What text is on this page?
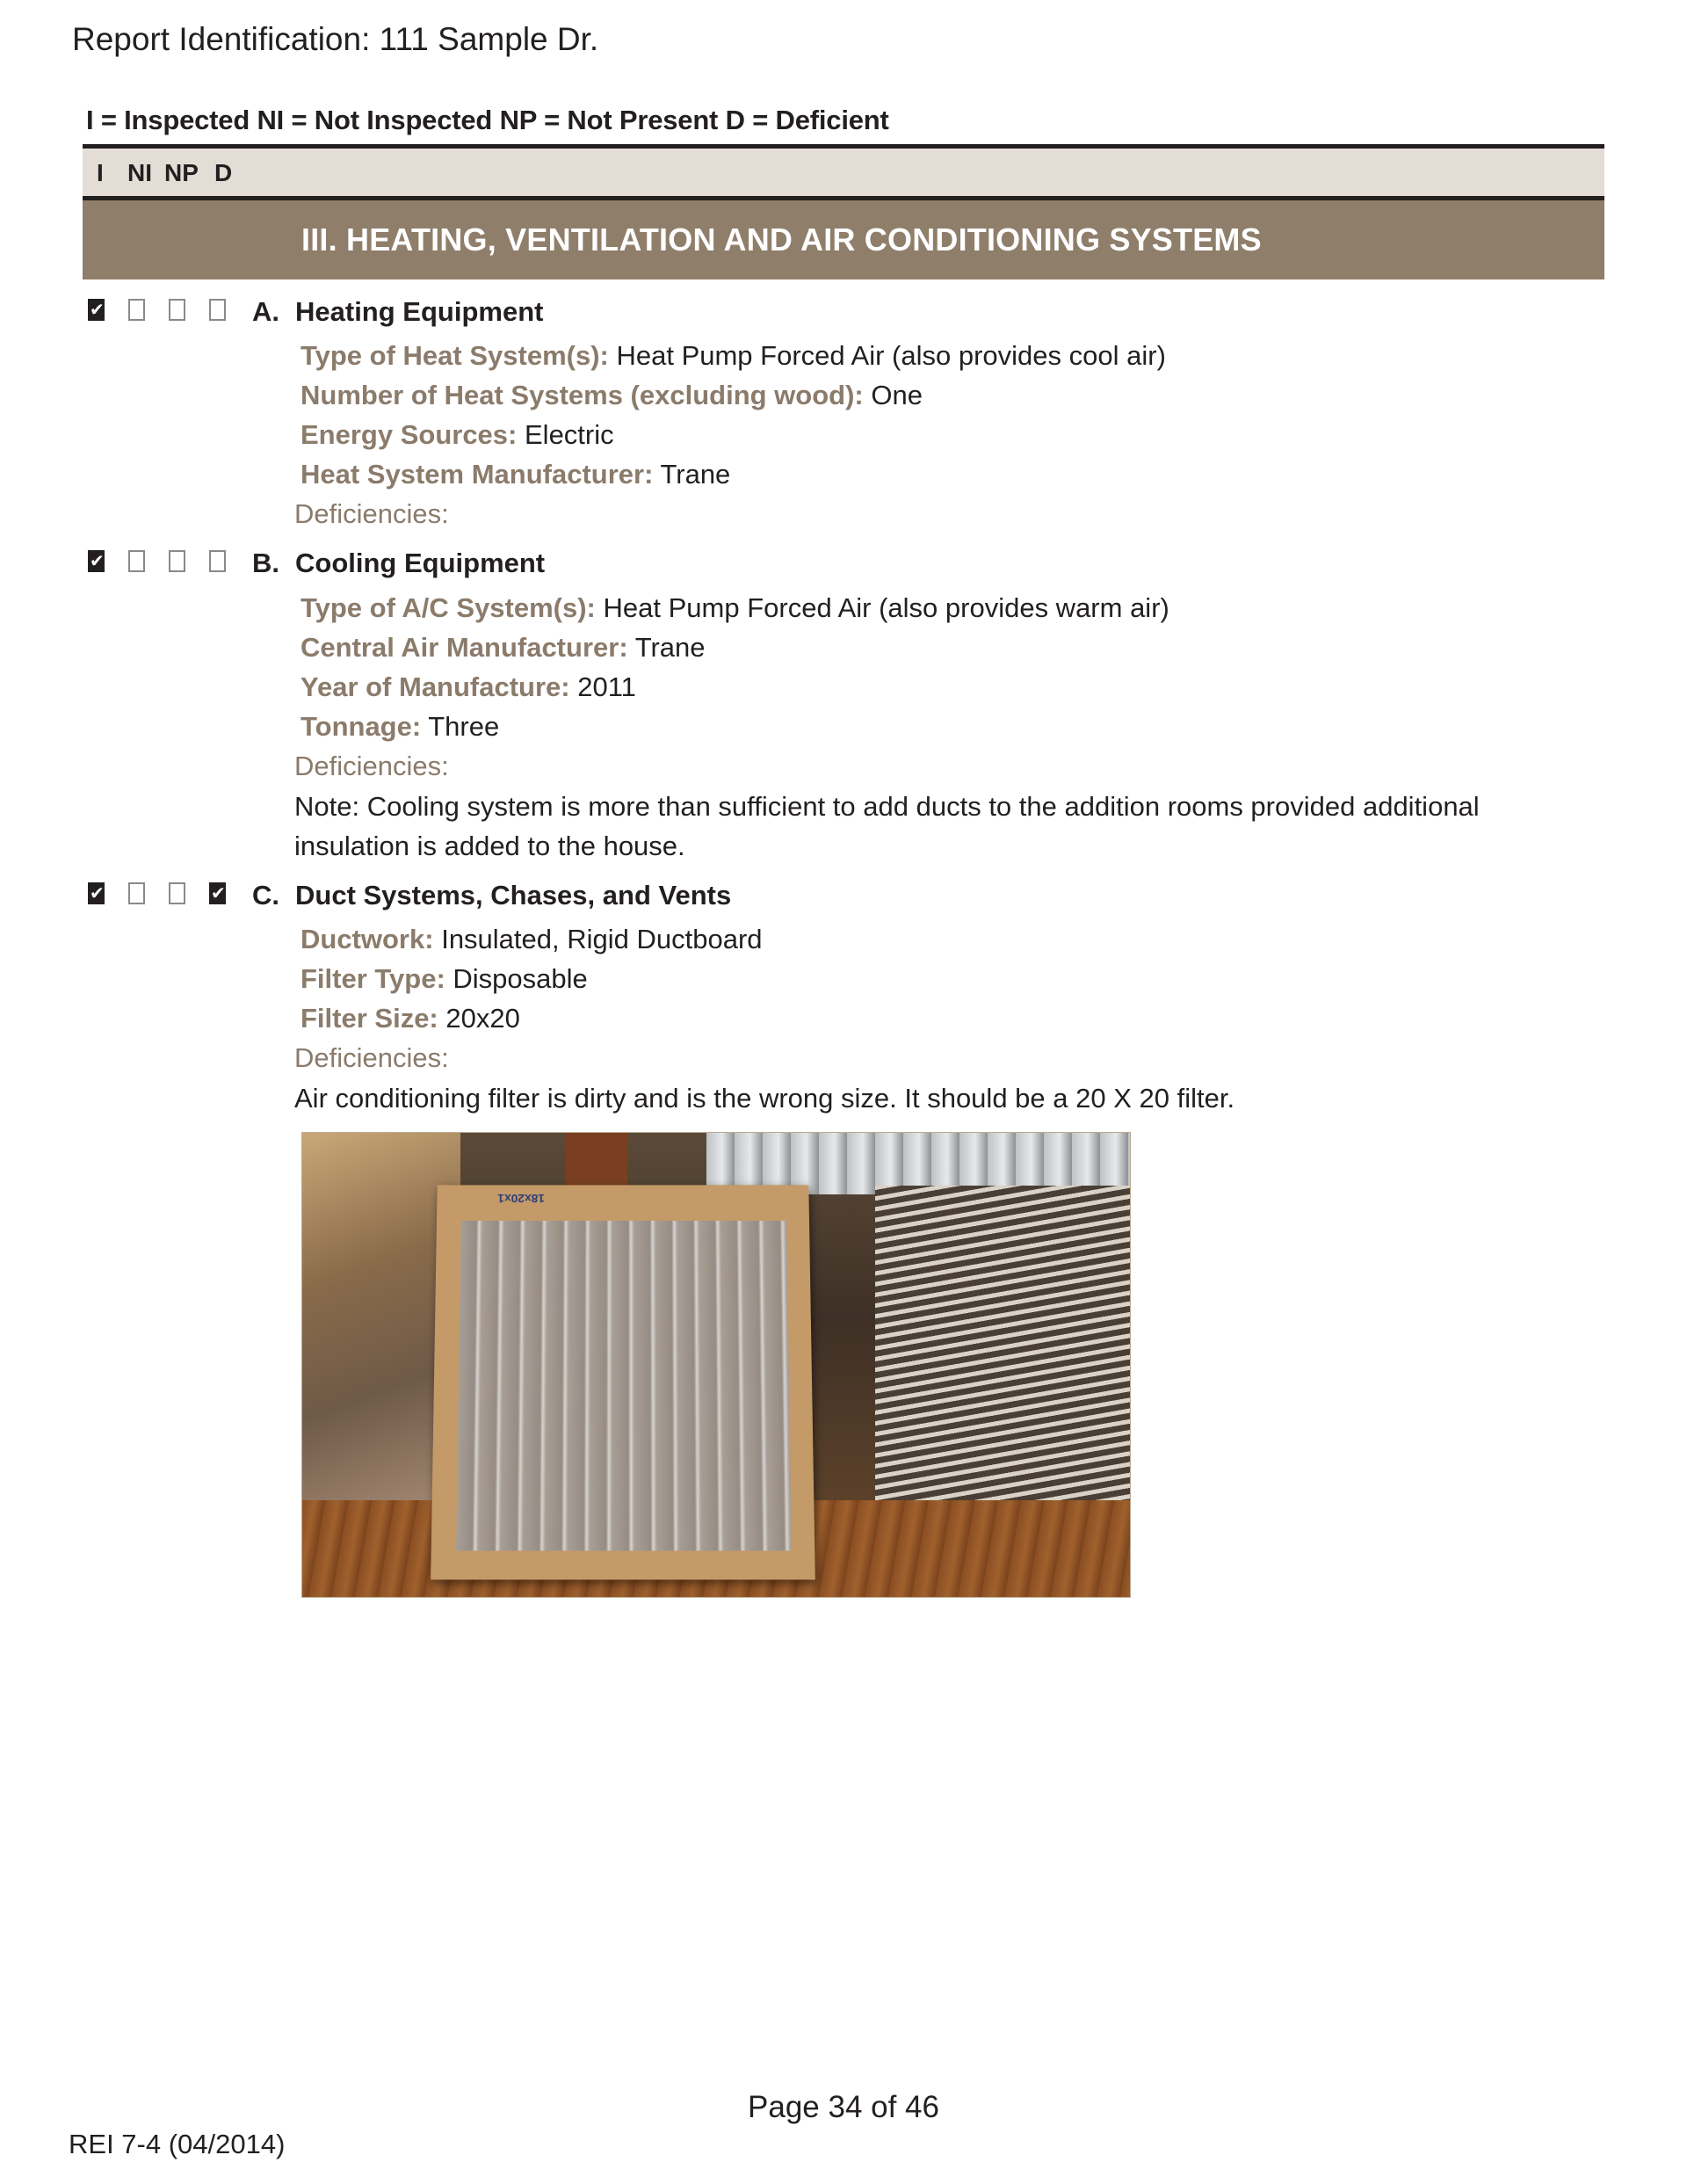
Report Identification: 111 Sample Dr.
I = Inspected NI = Not Inspected NP = Not Present D = Deficient
I NI NP D
III. HEATING, VENTILATION AND AIR CONDITIONING SYSTEMS
✔
A. Heating Equipment
Type of Heat System(s): Heat Pump Forced Air (also provides cool air)
Number of Heat Systems (excluding wood): One
Energy Sources: Electric
Heat System Manufacturer: Trane
Deficiencies:
✔
B. Cooling Equipment
Type of A/C System(s): Heat Pump Forced Air (also provides warm air)
Central Air Manufacturer: Trane
Year of Manufacture: 2011
Tonnage: Three
Deficiencies:
Note: Cooling system is more than sufficient to add ducts to the addition rooms provided additional
insulation is added to the house.
✔
✔
C. Duct Systems, Chases, and Vents
Ductwork: Insulated, Rigid Ductboard
Filter Type: Disposable
Filter Size: 20x20
Deficiencies:
Air conditioning filter is dirty and is the wrong size. It should be a 20 X 20 filter.
18x20x1
Page 34 of 46
REI 7-4 (04/2014)
